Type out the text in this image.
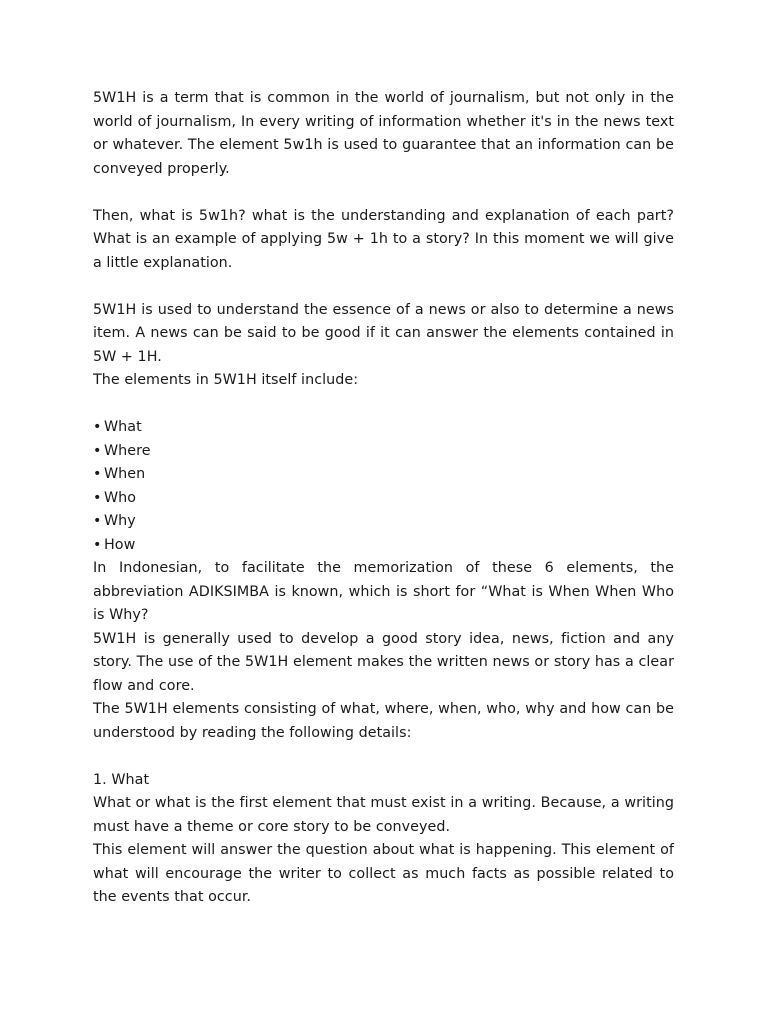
5W1H is a term that is common in the world of journalism, but not only in the world of journalism, In every writing of information whether it's in the news text or whatever. The element 5w1h is used to guarantee that an information can be conveyed properly.

Then, what is 5w1h? what is the understanding and explanation of each part? What is an example of applying 5w + 1h to a story? In this moment we will give a little explanation.

5W1H is used to understand the essence of a news or also to determine a news item. A news can be said to be good if it can answer the elements contained in 5W + 1H.

The elements in 5W1H itself include:

• What
• Where
• When
• Who
• Why
• How

In Indonesian, to facilitate the memorization of these 6 elements, the abbreviation ADIKSIMBA is known, which is short for “What is When When Who is Why?

5W1H is generally used to develop a good story idea, news, fiction and any story. The use of the 5W1H element makes the written news or story has a clear flow and core.

The 5W1H elements consisting of what, where, when, who, why and how can be understood by reading the following details:

1. What

What or what is the first element that must exist in a writing. Because, a writing must have a theme or core story to be conveyed.

This element will answer the question about what is happening. This element of what will encourage the writer to collect as much facts as possible related to the events that occur.
